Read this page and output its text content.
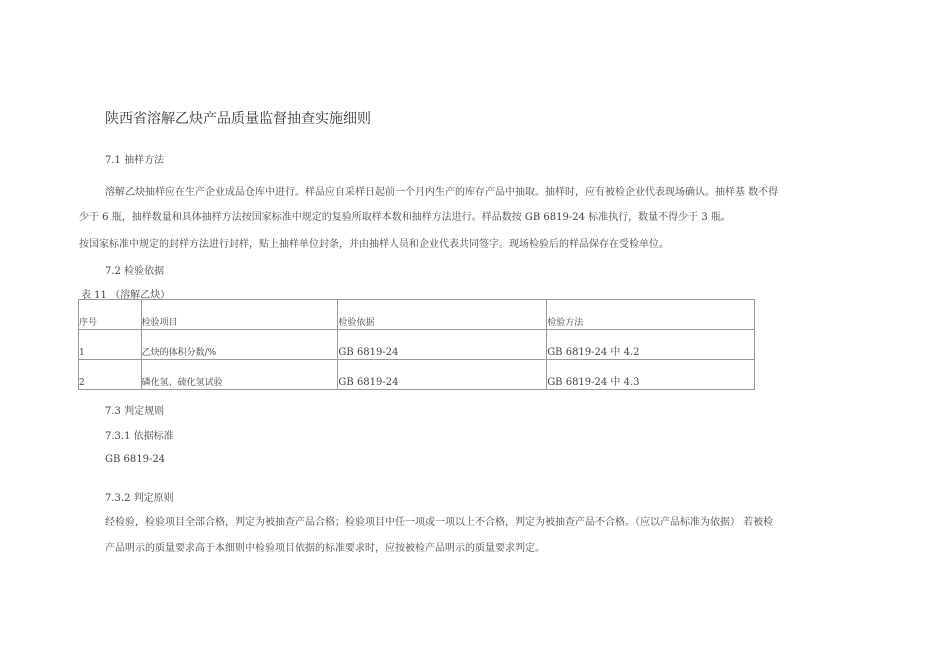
陕西省溶解乙炔产品质量监督抽查实施细则
7.1 抽样方法
溶解乙炔抽样应在生产企业成品仓库中进行。样品应自采样日起前一个月内生产的库存产品中抽取。抽样时，应有被检企业代表现场确认。抽样基 数不得
少于 6 瓶，抽样数量和具体抽样方法按国家标准中规定的复验所取样本数和抽样方法进行。样品数按 GB 6819-24 标准执行，数量不得少于 3 瓶。
按国家标准中规定的封样方法进行封样，贴上抽样单位封条，并由抽样人员和企业代表共同签字。现场检验后的样品保存在受检单位。
7.2 检验依据
表 11 （溶解乙炔）
序号	检验项目	检验依据	检验方法
1	乙炔的体积分数/%	GB 6819-24	GB 6819-24 中 4.2
2	磷化氢、硫化氢试验	GB 6819-24	GB 6819-24 中 4.3
7.3 判定规则
7.3.1 依据标准
GB 6819-24
7.3.2 判定原则
经检验，检验项目全部合格，判定为被抽查产品合格；检验项目中任一项或一项以上不合格，判定为被抽查产品不合格。（应以产品标准为依据） 若被检
产品明示的质量要求高于本细则中检验项目依据的标准要求时，应按被检产品明示的质量要求判定。
